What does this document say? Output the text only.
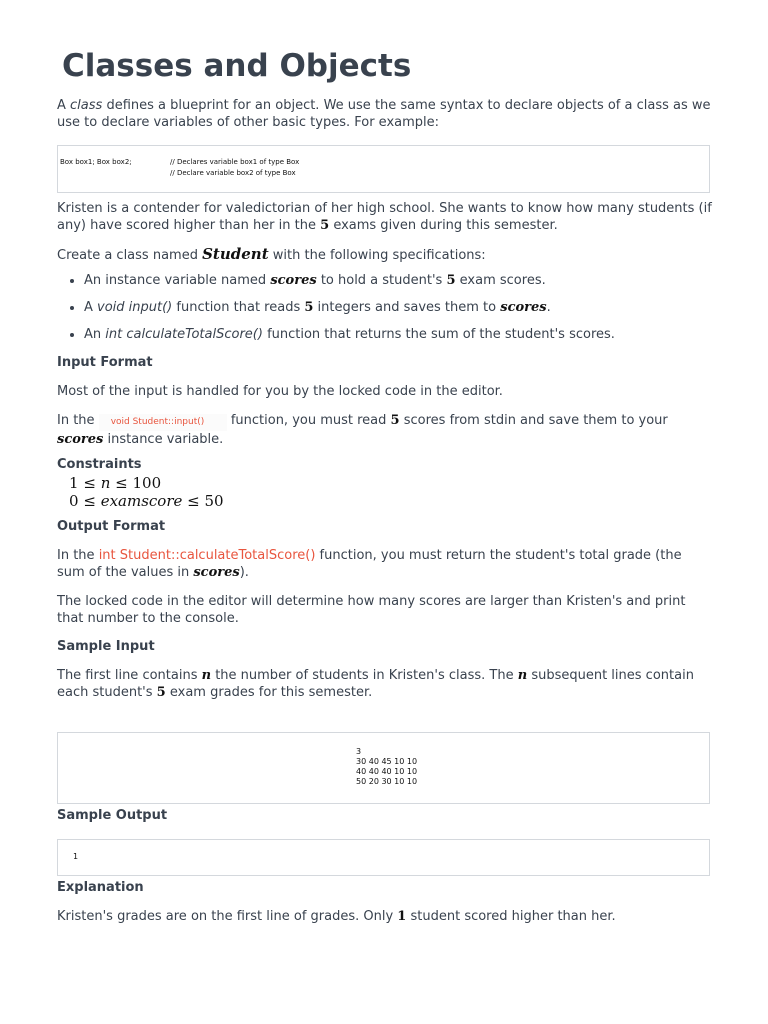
Classes and Objects

A class defines a blueprint for an object. We use the same syntax to declare objects of a class as we use to declare variables of other basic types. For example:

Box box1; Box box2;	// Declares variable box1 of type Box
// Declare variable box2 of type Box

Kristen is a contender for valedictorian of her high school. She wants to know how many students (if any) have scored higher than her in the 5 exams given during this semester.

Create a class named Student with the following specifications:

• An instance variable named scores to hold a student's 5 exam scores.
• A void input() function that reads 5 integers and saves them to scores.
• An int calculateTotalScore() function that returns the sum of the student's scores.
Input Format

Most of the input is handled for you by the locked code in the editor.

In the void Student::input() function, you must read 5 scores from stdin and save them to your scores instance variable.

Constraints
1 ≤ n ≤ 100
0 ≤ examscore ≤ 50
Output Format

In the int Student::calculateTotalScore() function, you must return the student's total grade (the sum of the values in scores).

The locked code in the editor will determine how many scores are larger than Kristen's and print that number to the console.

Sample Input

The first line contains n the number of students in Kristen's class. The n subsequent lines contain each student's 5 exam grades for this semester.

3
30 40 45 10 10
40 40 40 10 10
50 20 30 10 10
Sample Output
1
Explanation

Kristen's grades are on the first line of grades. Only 1 student scored higher than her.
